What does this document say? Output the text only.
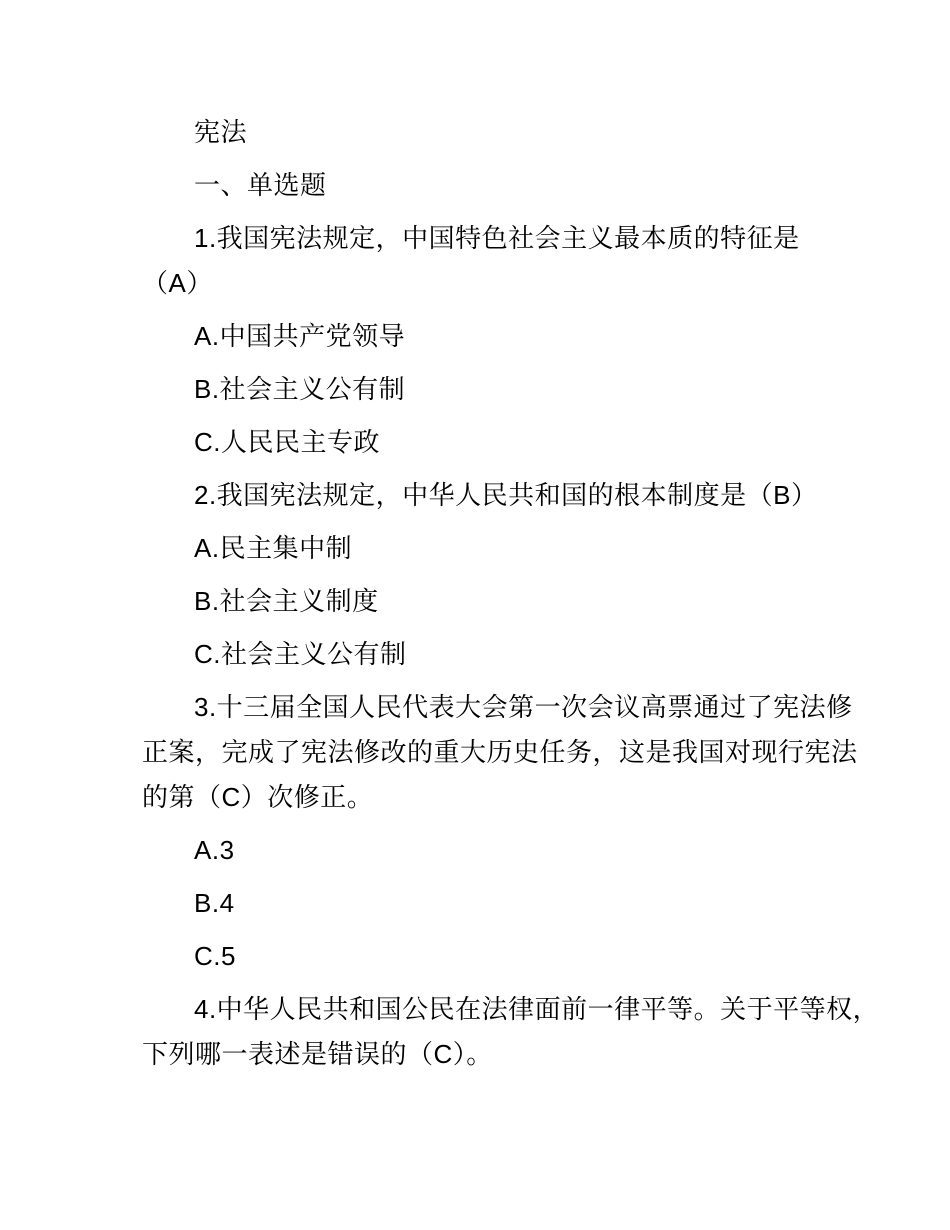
宪法
一、单选题
1.我国宪法规定，中国特色社会主义最本质的特征是
（A）
A.中国共产党领导
B.社会主义公有制
C.人民民主专政
2.我国宪法规定，中华人民共和国的根本制度是（B）
A.民主集中制
B.社会主义制度
C.社会主义公有制
3.十三届全国人民代表大会第一次会议高票通过了宪法修
正案，完成了宪法修改的重大历史任务，这是我国对现行宪法
的第（C）次修正。
A.3
B.4
C.5
4.中华人民共和国公民在法律面前一律平等。关于平等权，
下列哪一表述是错误的（C）。
